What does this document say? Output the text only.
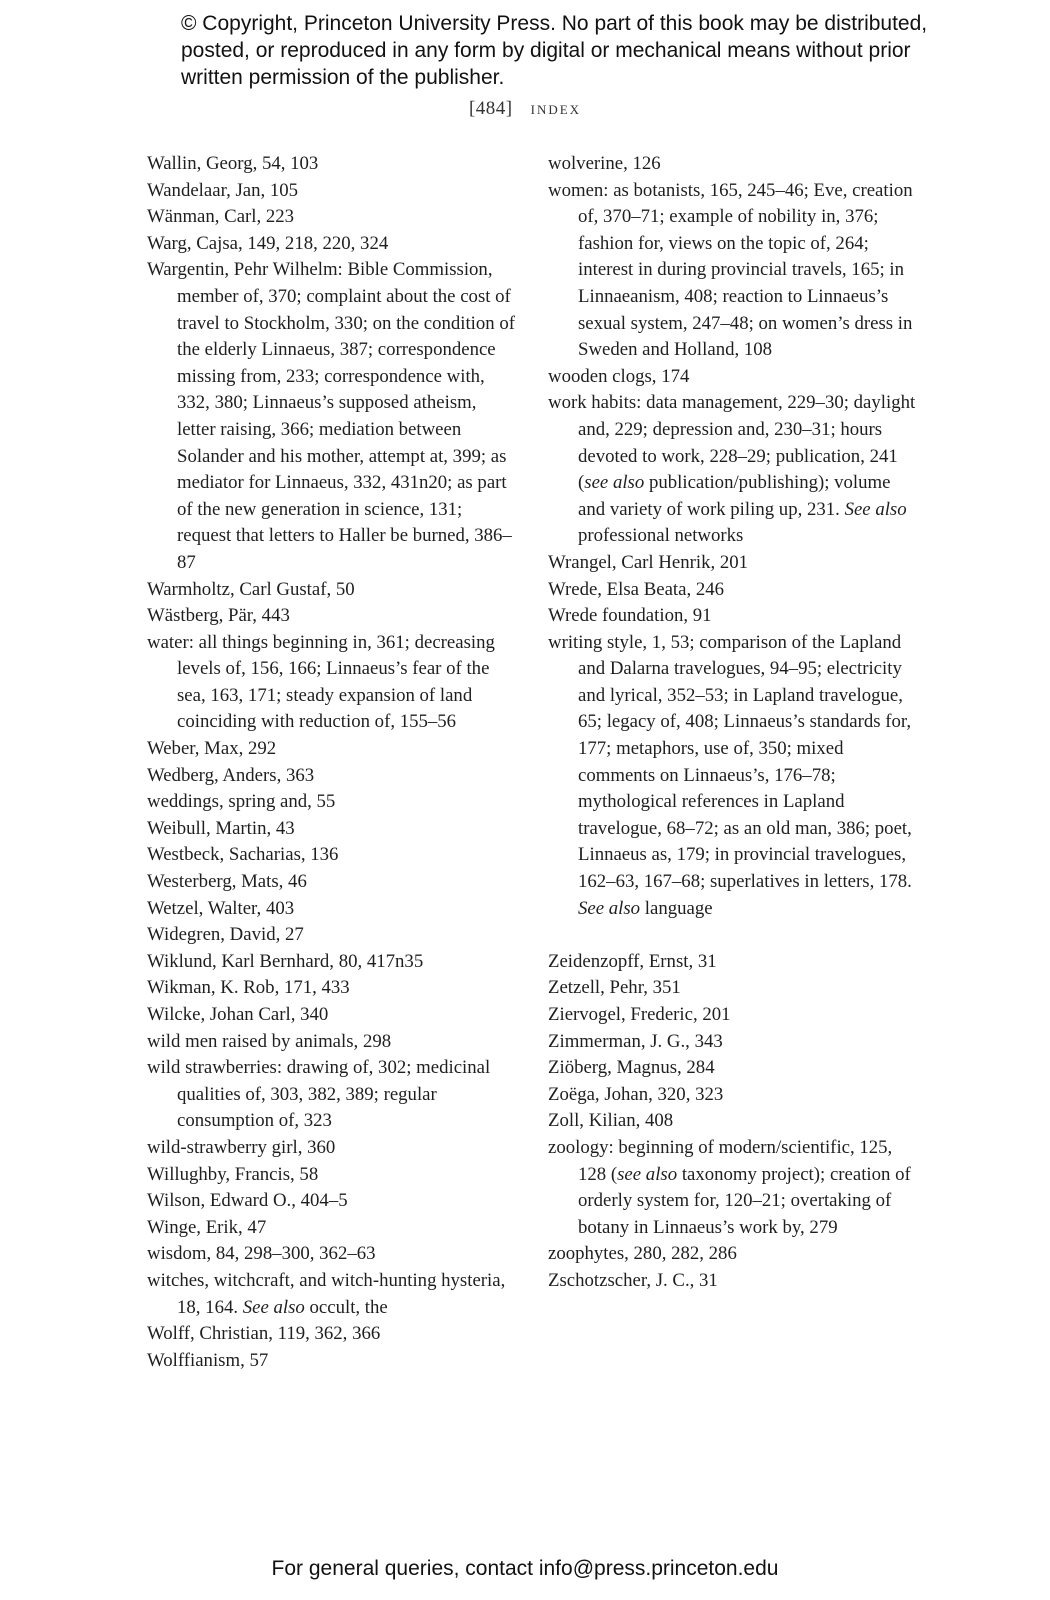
© Copyright, Princeton University Press. No part of this book may be distributed, posted, or reproduced in any form by digital or mechanical means without prior written permission of the publisher.
[484] index

Wallin, Georg, 54, 103

Wandelaar, Jan, 105

Wänman, Carl, 223

Warg, Cajsa, 149, 218, 220, 324

Wargentin, Pehr Wilhelm: Bible Commission, member of, 370; complaint about the cost of travel to Stockholm, 330; on the condition of the elderly Linnaeus, 387; correspondence missing from, 233; correspondence with, 332, 380; Linnaeus’s supposed atheism, letter raising, 366; mediation between Solander and his mother, attempt at, 399; as mediator for Linnaeus, 332, 431n20; as part of the new generation in science, 131; request that letters to Haller be burned, 386–87

Warmholtz, Carl Gustaf, 50

Wästberg, Pär, 443

water: all things beginning in, 361; decreasing levels of, 156, 166; Linnaeus’s fear of the sea, 163, 171; steady expansion of land coinciding with reduction of, 155–56

Weber, Max, 292

Wedberg, Anders, 363

weddings, spring and, 55

Weibull, Martin, 43

Westbeck, Sacharias, 136

Westerberg, Mats, 46

Wetzel, Walter, 403

Widegren, David, 27

Wiklund, Karl Bernhard, 80, 417n35

Wikman, K. Rob, 171, 433

Wilcke, Johan Carl, 340

wild men raised by animals, 298

wild strawberries: drawing of, 302; medicinal qualities of, 303, 382, 389; regular consumption of, 323

wild-strawberry girl, 360

Willughby, Francis, 58

Wilson, Edward O., 404–5

Winge, Erik, 47

wisdom, 84, 298–300, 362–63

witches, witchcraft, and witch-hunting hysteria, 18, 164. See also occult, the

Wolff, Christian, 119, 362, 366

Wolffianism, 57

wolverine, 126

women: as botanists, 165, 245–46; Eve, creation of, 370–71; example of nobility in, 376; fashion for, views on the topic of, 264; interest in during provincial travels, 165; in Linnaeanism, 408; reaction to Linnaeus’s sexual system, 247–48; on women’s dress in Sweden and Holland, 108

wooden clogs, 174

work habits: data management, 229–30; daylight and, 229; depression and, 230–31; hours devoted to work, 228–29; publication, 241 (see also publication/publishing); volume and variety of work piling up, 231. See also professional networks

Wrangel, Carl Henrik, 201

Wrede, Elsa Beata, 246

Wrede foundation, 91

writing style, 1, 53; comparison of the Lapland and Dalarna travelogues, 94–95; electricity and lyrical, 352–53; in Lapland travelogue, 65; legacy of, 408; Linnaeus’s standards for, 177; metaphors, use of, 350; mixed comments on Linnaeus’s, 176–78; mythological references in Lapland travelogue, 68–72; as an old man, 386; poet, Linnaeus as, 179; in provincial travelogues, 162–63, 167–68; superlatives in letters, 178. See also language

Zeidenzopff, Ernst, 31

Zetzell, Pehr, 351

Ziervogel, Frederic, 201

Zimmerman, J. G., 343

Ziöberg, Magnus, 284

Zoëga, Johan, 320, 323

Zoll, Kilian, 408

zoology: beginning of modern/scientific, 125, 128 (see also taxonomy project); creation of orderly system for, 120–21; overtaking of botany in Linnaeus’s work by, 279

zoophytes, 280, 282, 286

Zschotzscher, J. C., 31

For general queries, contact info@press.princeton.edu
